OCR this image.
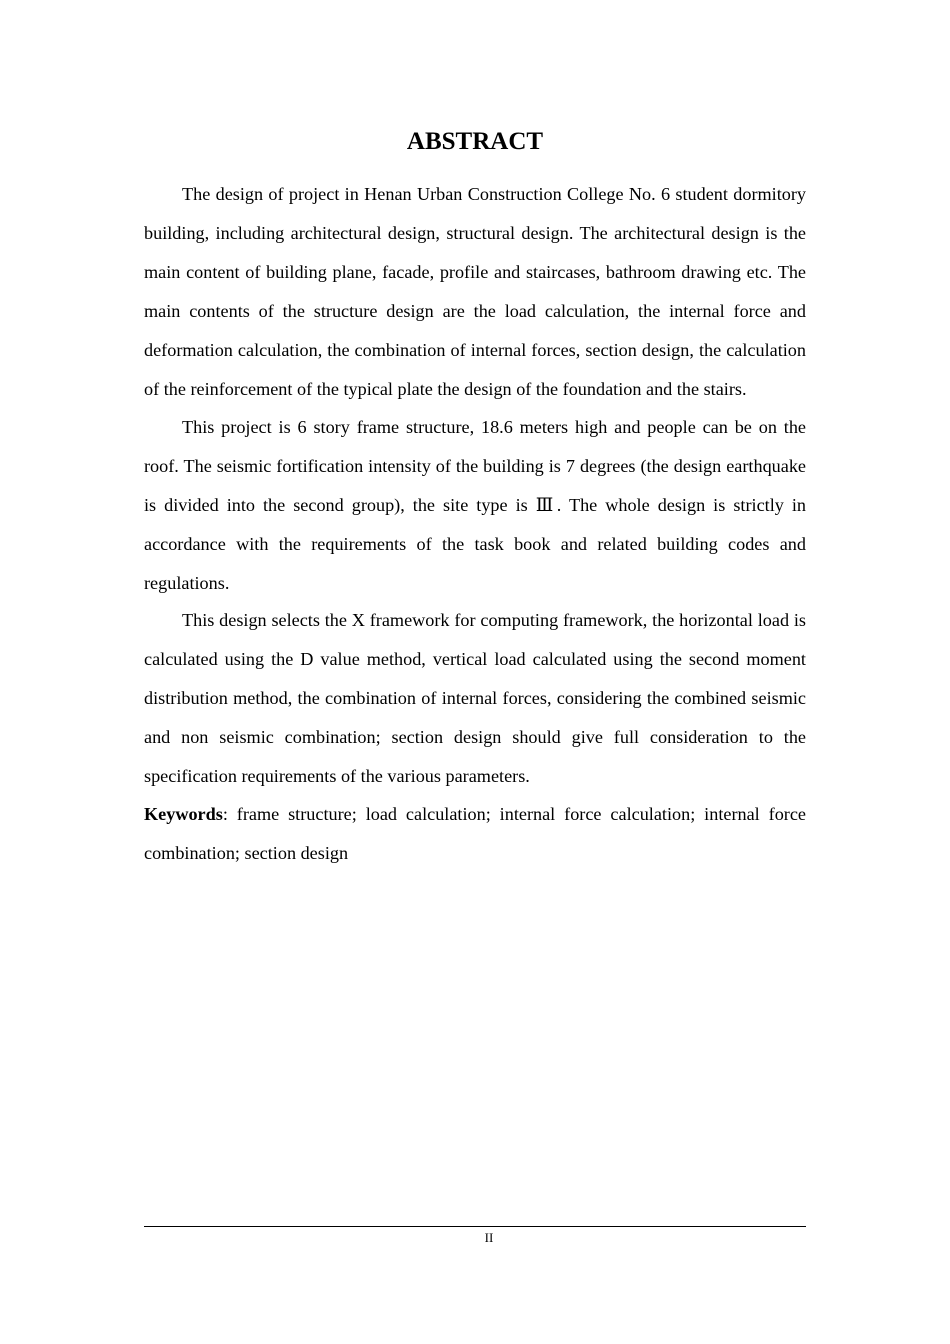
ABSTRACT

The design of project in Henan Urban Construction College No. 6 student dormitory building, including architectural design, structural design. The architectural design is the main content of building plane, facade, profile and staircases, bathroom drawing etc. The main contents of the structure design are the load calculation, the internal force and deformation calculation, the combination of internal forces, section design, the calculation of the reinforcement of the typical plate the design of the foundation and the stairs.

This project is 6 story frame structure, 18.6 meters high and people can be on the roof. The seismic fortification intensity of the building is 7 degrees (the design earthquake is divided into the second group), the site type is Ⅲ. The whole design is strictly in accordance with the requirements of the task book and related building codes and regulations.

This design selects the X framework for computing framework, the horizontal load is calculated using the D value method, vertical load calculated using the second moment distribution method, the combination of internal forces, considering the combined seismic and non seismic combination; section design should give full consideration to the specification requirements of the various parameters.

Keywords: frame structure; load calculation; internal force calculation; internal force combination; section design

II
